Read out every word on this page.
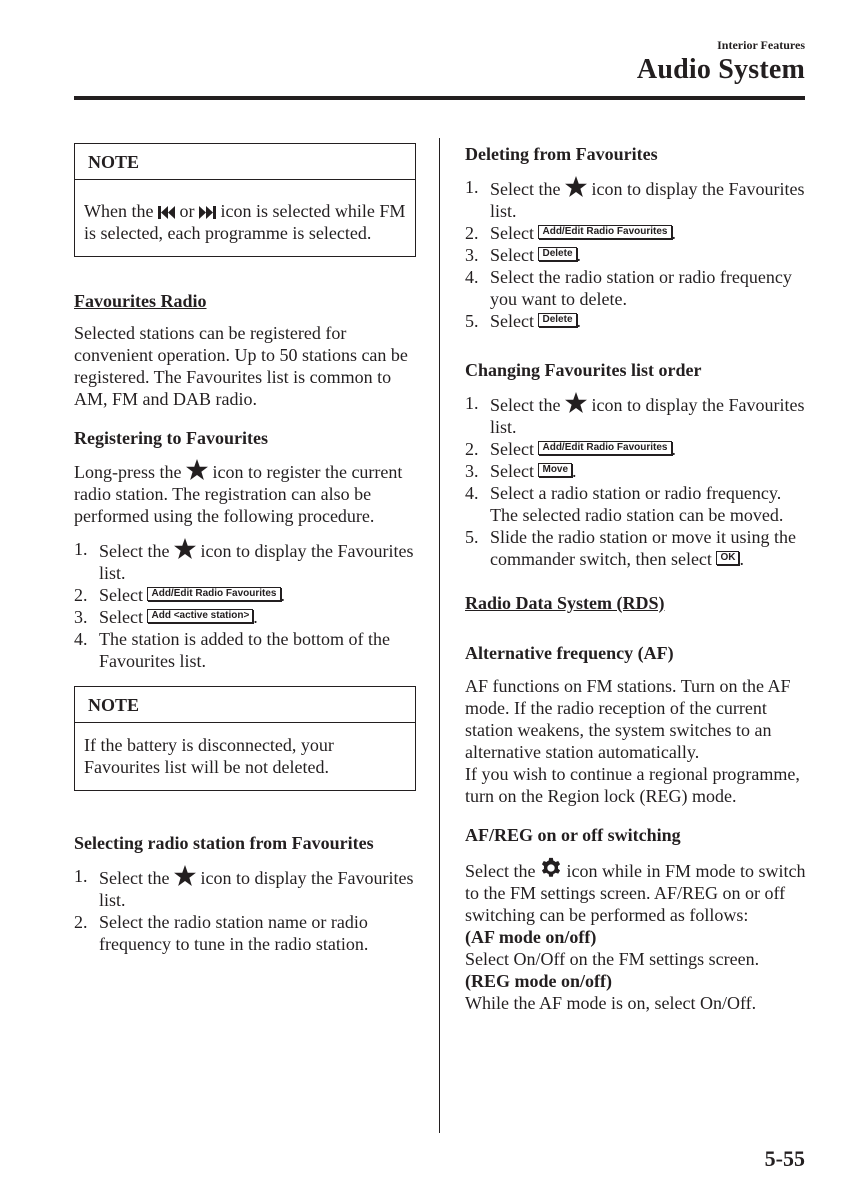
Interior Features
Audio System
NOTE
When the
or
icon is selected while FM is selected, each programme is selected.
Favourites Radio

Selected stations can be registered for convenient operation. Up to 50 stations can be registered. The Favourites list is common to AM, FM and DAB radio.

Registering to Favourites

Long-press the
icon to register the current radio station. The registration can also be performed using the following procedure.

1. Select the
icon to display the Favourites list.
2. Select Add/Edit Radio Favourites .
3. Select Add <active station> .
4. The station is added to the bottom of the Favourites list.
NOTE
If the battery is disconnected, your Favourites list will be not deleted.
Selecting radio station from Favourites
1. Select the
icon to display the Favourites list.
2. Select the radio station name or radio frequency to tune in the radio station.
Deleting from Favourites
1. Select the
icon to display the Favourites list.
2. Select Add/Edit Radio Favourites .
3. Select Delete .
4. Select the radio station or radio frequency you want to delete.
5. Select Delete .
Changing Favourites list order
1. Select the
icon to display the Favourites list.
2. Select Add/Edit Radio Favourites .
3. Select Move .
4. Select a radio station or radio frequency. The selected radio station can be moved.
5. Slide the radio station or move it using the commander switch, then select OK .
Radio Data System (RDS)
Alternative frequency (AF)

AF functions on FM stations. Turn on the AF mode. If the radio reception of the current station weakens, the system switches to an alternative station automatically.

If you wish to continue a regional programme, turn on the Region lock (REG) mode.

AF/REG on or off switching

Select the
icon while in FM mode to switch to the FM settings screen. AF/REG on or off switching can be performed as follows:

(AF mode on/off)

Select On/Off on the FM settings screen.

(REG mode on/off)

While the AF mode is on, select On/Off.

5-55
